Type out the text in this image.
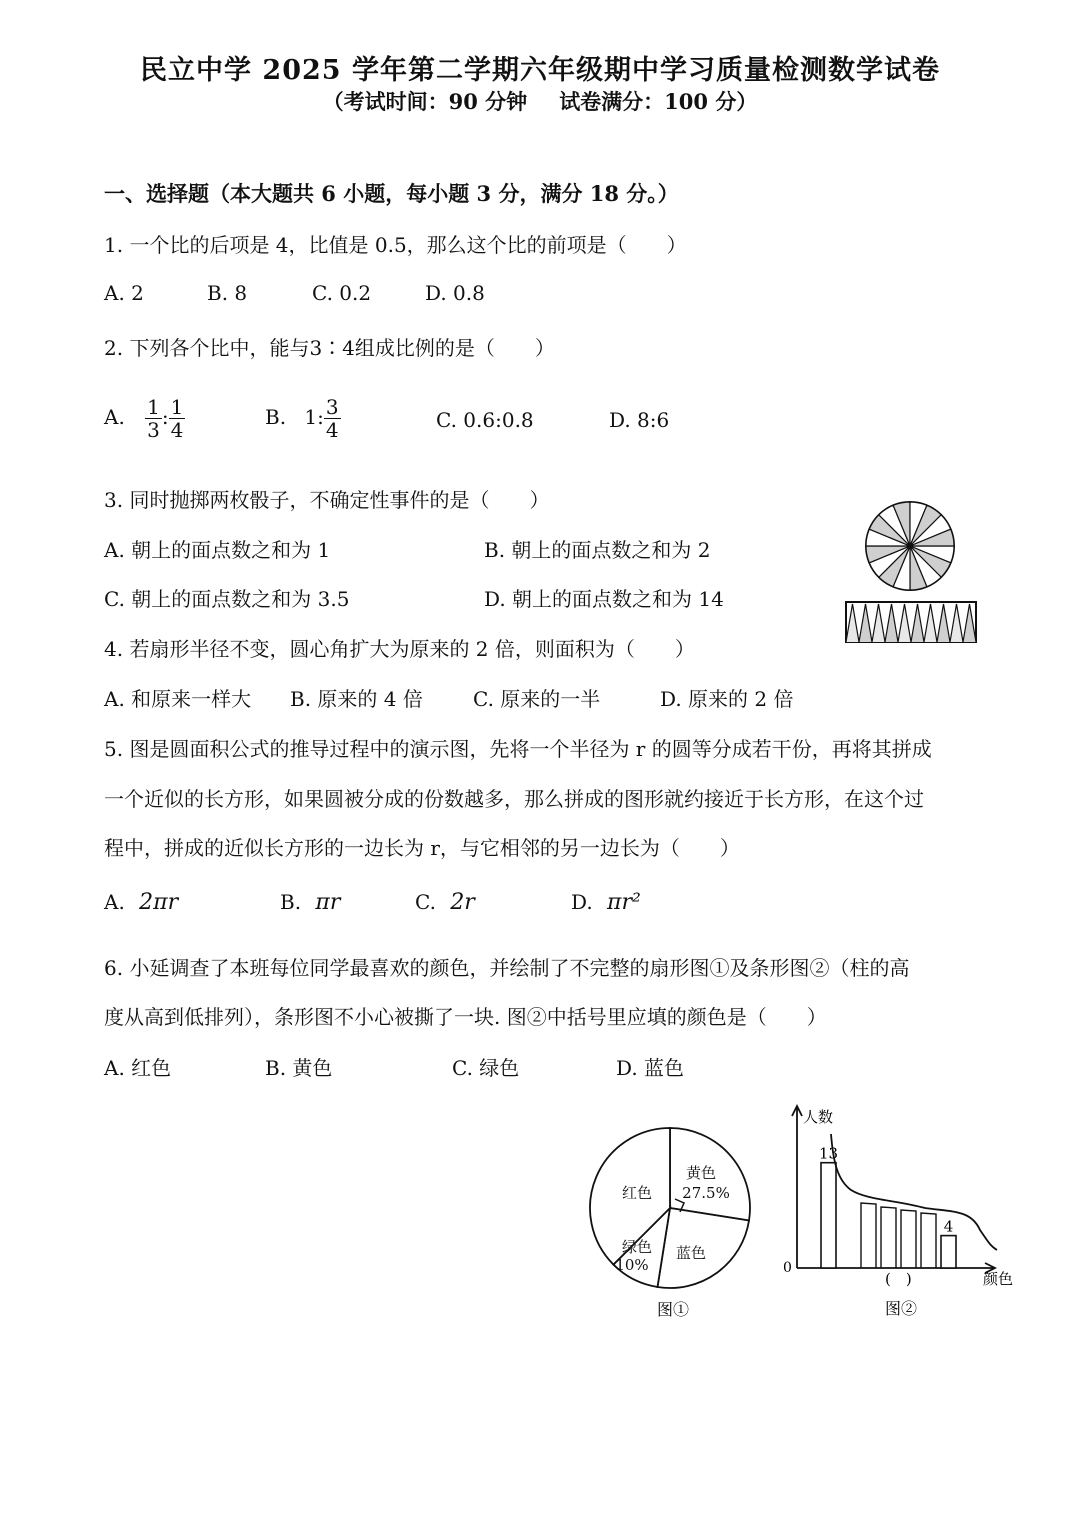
民立中学 2025 学年第二学期六年级期中学习质量检测数学试卷
（考试时间：90 分钟 试卷满分：100 分）
一、选择题（本大题共 6 小题，每小题 3 分，满分 18 分。）
1. 一个比的后项是 4，比值是 0.5，那么这个比的前项是（　　）
A. 2	B. 8	C. 0.2	D. 0.8
2. 下列各个比中，能与3∶4组成比例的是（　　）
A. $\frac{1}{3}$ : $\frac{1}{4}$	B. 1: $\frac{3}{4}$	C. 0.6:0.8	D. 8:6
3. 同时抛掷两枚骰子，不确定性事件的是（　　）
A. 朝上的面点数之和为 1	B. 朝上的面点数之和为 2
C. 朝上的面点数之和为 3.5	D. 朝上的面点数之和为 14
4. 若扇形半径不变，圆心角扩大为原来的 2 倍，则面积为（　　）
A. 和原来一样大 B. 原来的 4 倍	C. 原来的一半	D. 原来的 2 倍
5. 图是圆面积公式的推导过程中的演示图，先将一个半径为 r 的圆等分成若干份，再将其拼成
一个近似的长方形，如果圆被分成的份数越多，那么拼成的图形就约接近于长方形，在这个过
程中，拼成的近似长方形的一边长为 r，与它相邻的另一边长为（　　）
A. 2πr	B. πr	C. 2r	D. πr²
6. 小延调查了本班每位同学最喜欢的颜色，并绘制了不完整的扇形图①及条形图②（柱的高
度从高到低排列），条形图不小心被撕了一块. 图②中括号里应填的颜色是（　　）
A. 红色	B. 黄色	C. 绿色	D. 蓝色
黄色
27.5%
蓝色
绿色
10%
红色
图①
人数
0
颜色
13
4
(　)
图②
